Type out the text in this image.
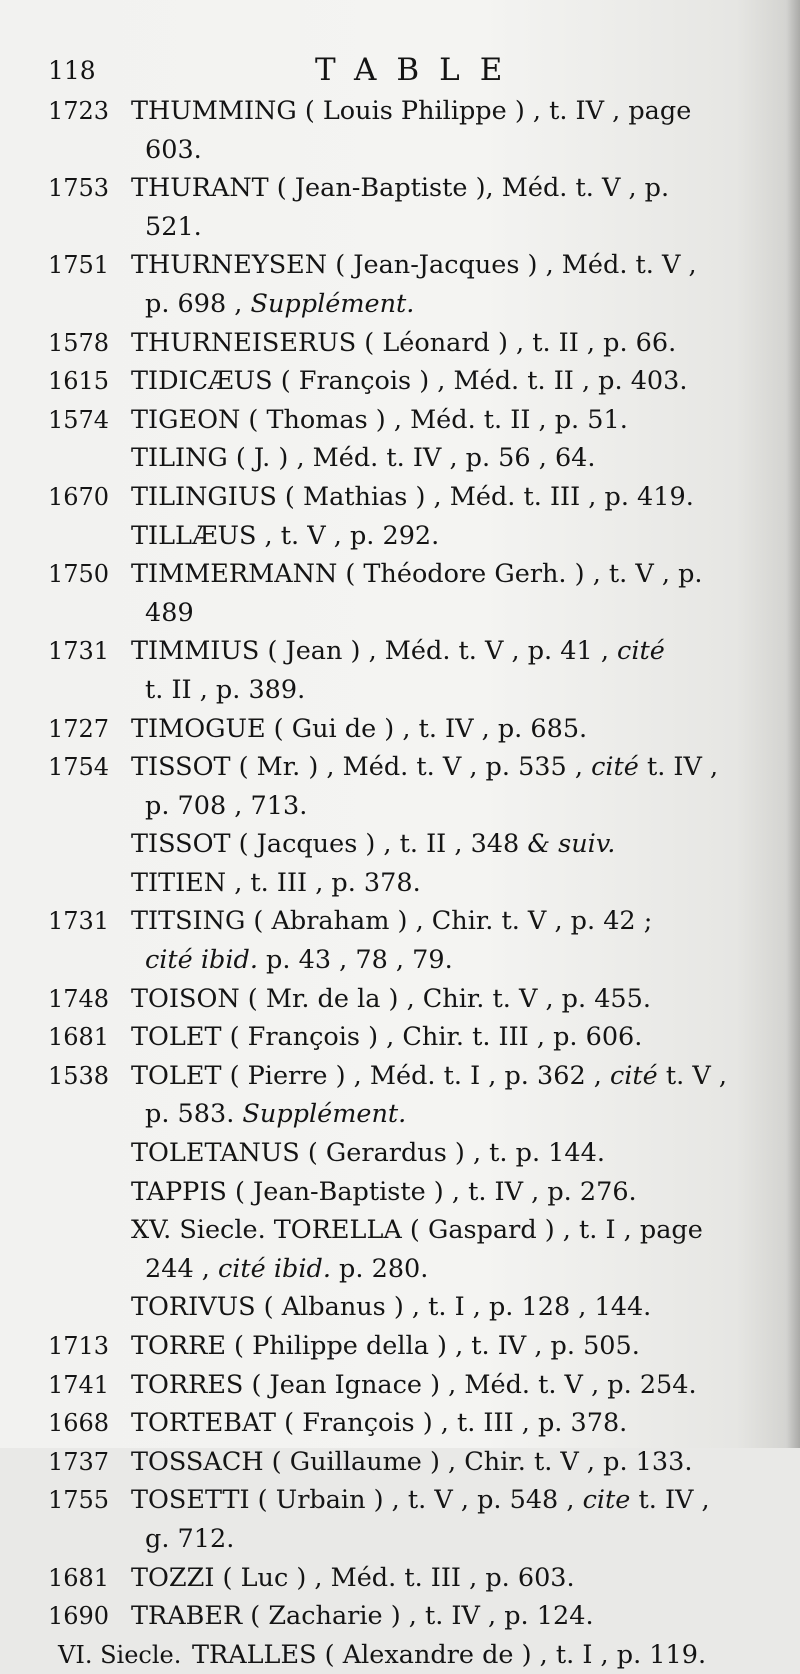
118	TABLE
1723 THUMMING ( Louis Philippe ) , t. IV , page
603.
1753 THURANT ( Jean-Baptiste ), Méd. t. V , p.
521.
1751 THURNEYSEN ( Jean-Jacques ) , Méd. t. V ,
p. 698 , Supplément.
1578 THURNEISERUS ( Léonard ) , t. II , p. 66.
1615 TIDICÆUS ( François ) , Méd. t. II , p. 403.
1574 TIGEON ( Thomas ) , Méd. t. II , p. 51.
TILING ( J. ) , Méd. t. IV , p. 56 , 64.
1670 TILINGIUS ( Mathias ) , Méd. t. III , p. 419.
TILLÆUS , t. V , p. 292.
1750 TIMMERMANN ( Théodore Gerh. ) , t. V , p.
489
1731 TIMMIUS ( Jean ) , Méd. t. V , p. 41 , cité
t. II , p. 389.
1727 TIMOGUE ( Gui de ) , t. IV , p. 685.
1754 TISSOT ( Mr. ) , Méd. t. V , p. 535 , cité t. IV ,
p. 708 , 713.
TISSOT ( Jacques ) , t. II , 348 & suiv.
TITIEN , t. III , p. 378.
1731 TITSING ( Abraham ) , Chir. t. V , p. 42 ;
cité ibid. p. 43 , 78 , 79.
1748 TOISON ( Mr. de la ) , Chir. t. V , p. 455.
1681 TOLET ( François ) , Chir. t. III , p. 606.
1538 TOLET ( Pierre ) , Méd. t. I , p. 362 , cité t. V ,
p. 583. Supplément.
TOLETANUS ( Gerardus ) , t. p. 144.
TAPPIS ( Jean-Baptiste ) , t. IV , p. 276.
XV. Siecle. TORELLA ( Gaspard ) , t. I , page
244 , cité ibid. p. 280.
TORIVUS ( Albanus ) , t. I , p. 128 , 144.
1713 TORRE ( Philippe della ) , t. IV , p. 505.
1741 TORRES ( Jean Ignace ) , Méd. t. V , p. 254.
1668 TORTEBAT ( François ) , t. III , p. 378.
1737 TOSSACH ( Guillaume ) , Chir. t. V , p. 133.
1755 TOSETTI ( Urbain ) , t. V , p. 548 , cite t. IV ,
g. 712.
1681 TOZZI ( Luc ) , Méd. t. III , p. 603.
1690 TRABER ( Zacharie ) , t. IV , p. 124.
VI. Siecle. TRALLES ( Alexandre de ) , t. I , p. 119.
